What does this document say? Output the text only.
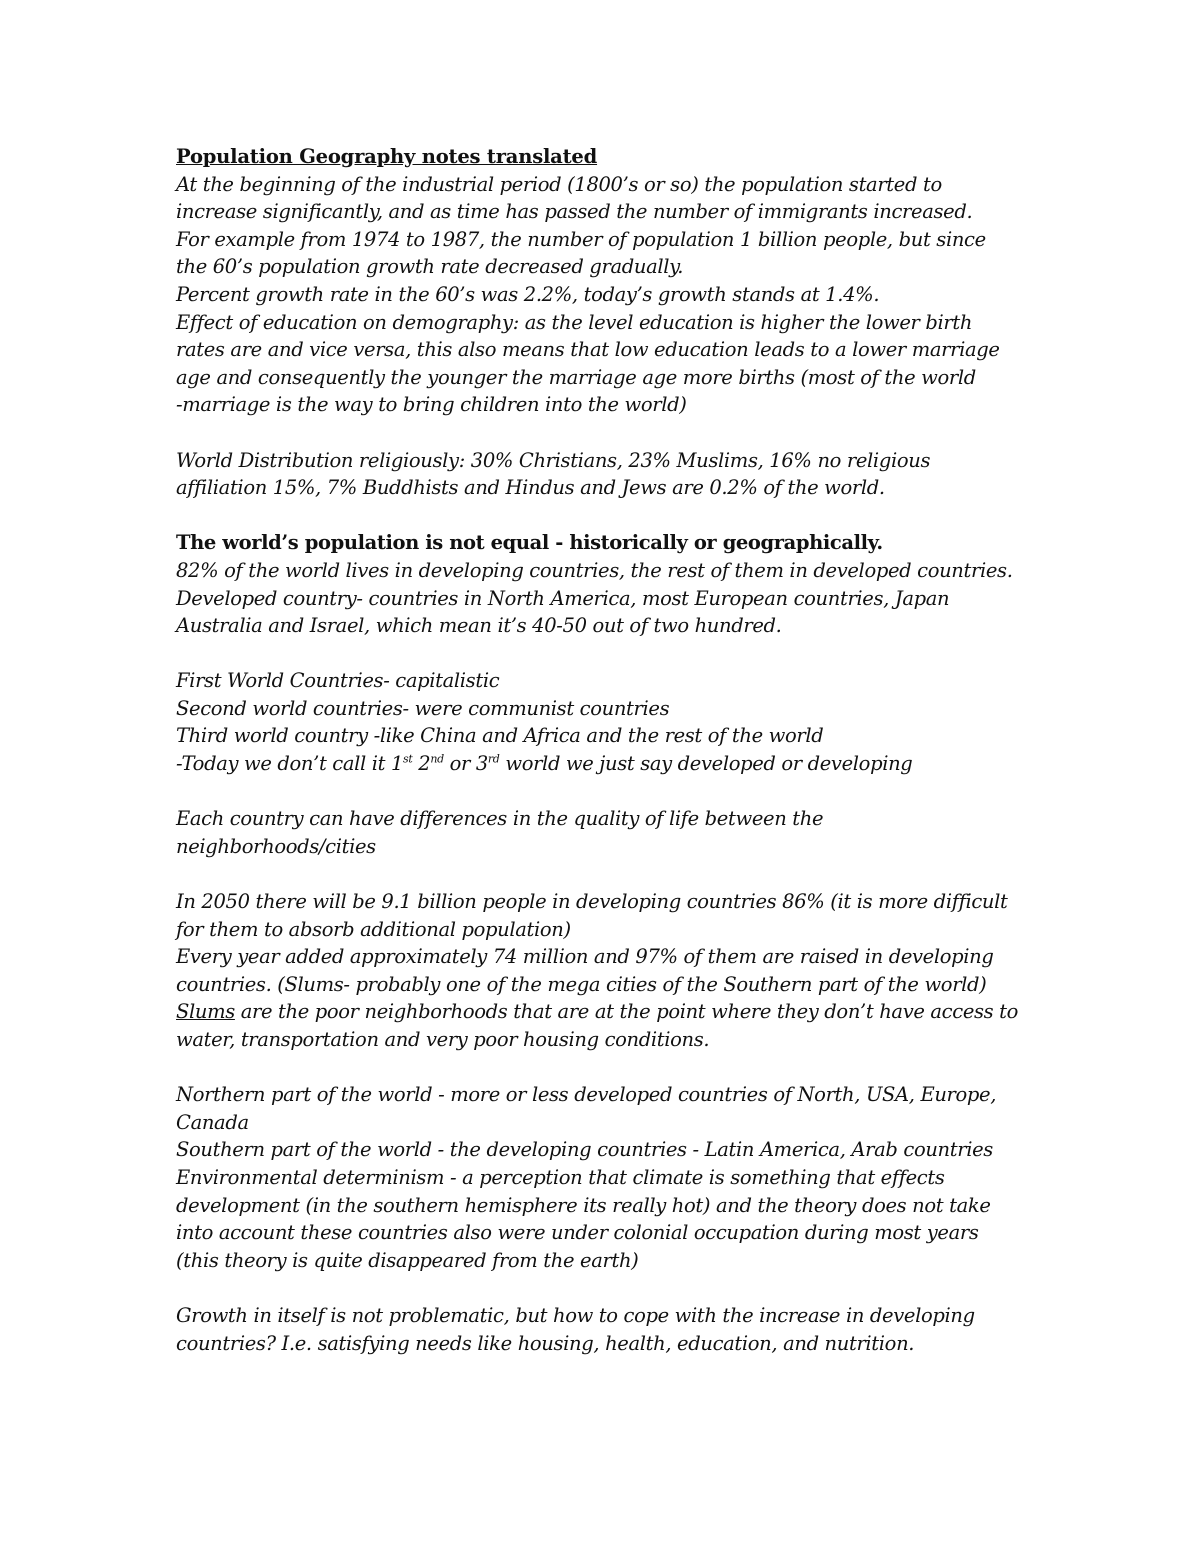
Population Geography notes translated
At the beginning of the industrial period (1800’s or so) the population started to
increase significantly, and as time has passed the number of immigrants increased.
For example from 1974 to 1987, the number of population 1 billion people, but since
the 60’s population growth rate decreased gradually.
Percent growth rate in the 60’s was 2.2%, today’s growth stands at 1.4%.
Effect of education on demography: as the level education is higher the lower birth
rates are and vice versa, this also means that low education leads to a lower marriage
age and consequently the younger the marriage age more births (most of the world
-marriage is the way to bring children into the world)
World Distribution religiously: 30% Christians, 23% Muslims, 16% no religious
affiliation 15%, 7% Buddhists and Hindus and Jews are 0.2% of the world.
The world’s population is not equal - historically or geographically.
82% of the world lives in developing countries, the rest of them in developed countries.
Developed country- countries in North America, most European countries, Japan
Australia and Israel, which mean it’s 40-50 out of two hundred.
First World Countries- capitalistic
Second world countries- were communist countries
Third world country -like China and Africa and the rest of the world
-Today we don’t call it 1st 2nd or 3rd world we just say developed or developing
Each country can have differences in the quality of life between the
neighborhoods/cities
In 2050 there will be 9.1 billion people in developing countries 86% (it is more difficult
for them to absorb additional population)
Every year added approximately 74 million and 97% of them are raised in developing
countries. (Slums- probably one of the mega cities of the Southern part of the world)
Slums are the poor neighborhoods that are at the point where they don’t have access to
water, transportation and very poor housing conditions.
Northern part of the world - more or less developed countries of North, USA, Europe,
Canada
Southern part of the world - the developing countries - Latin America, Arab countries
Environmental determinism - a perception that climate is something that effects
development (in the southern hemisphere its really hot) and the theory does not take
into account these countries also were under colonial occupation during most years
(this theory is quite disappeared from the earth)
Growth in itself is not problematic, but how to cope with the increase in developing
countries? I.e. satisfying needs like housing, health, education, and nutrition.
